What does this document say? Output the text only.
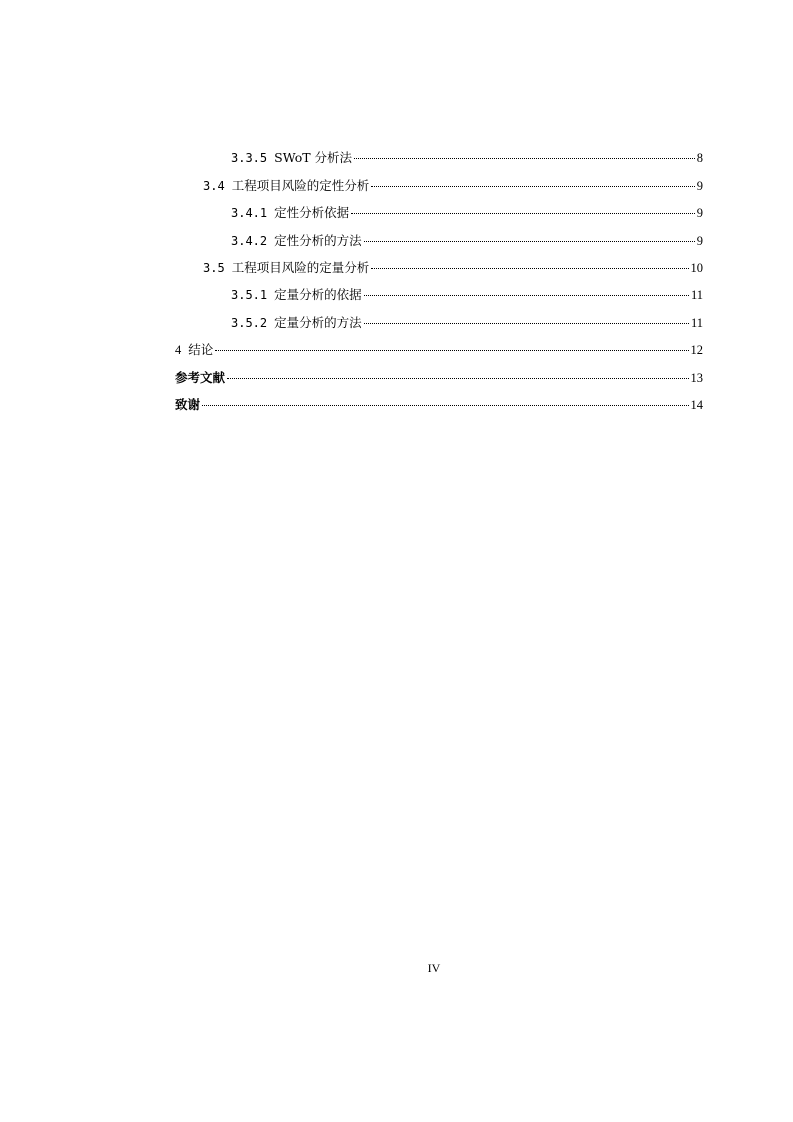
3.3.5 SWoT 分析法	8
3.4 工程项目风险的定性分析	9
3.4.1 定性分析依据	9
3.4.2 定性分析的方法	9
3.5 工程项目风险的定量分析	10
3.5.1 定量分析的依据	11
3.5.2 定量分析的方法	11
4 结论	12
参考文献	13
致谢	14
IV
